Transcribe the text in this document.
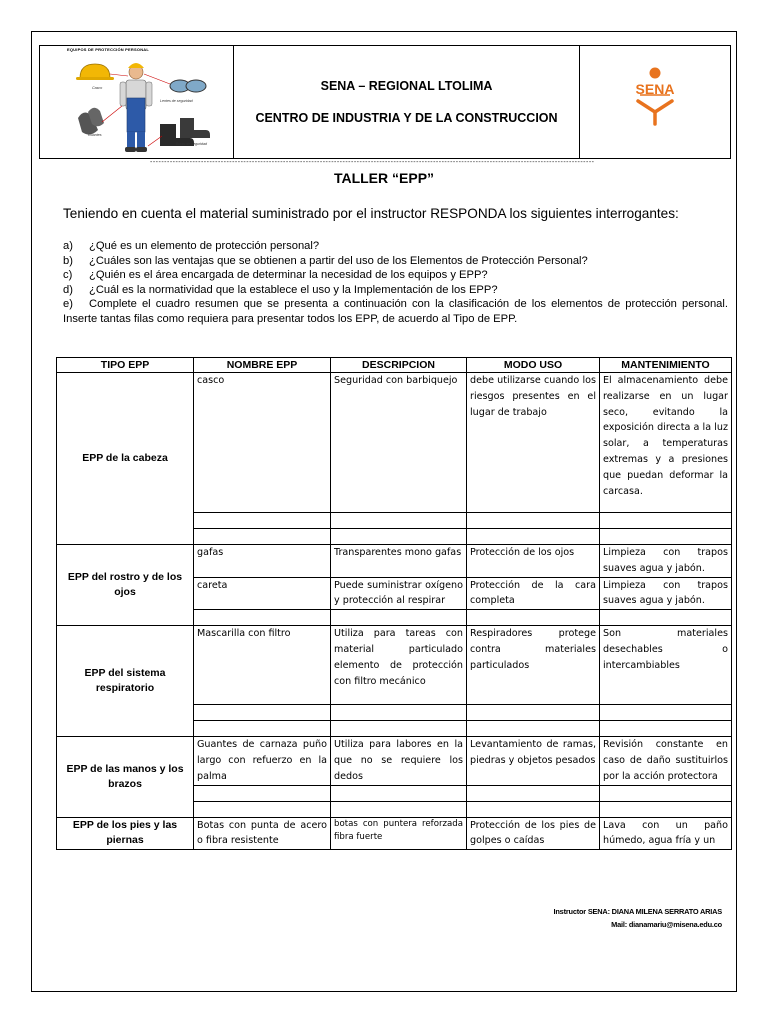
EQUIPOS DE PROTECCIÓN PERSONAL
Casco
Lentes de seguridad
Guantes
Botas de seguridad
SENA – REGIONAL LTOLIMA
CENTRO DE INDUSTRIA Y DE LA CONSTRUCCION
SENA
-------------------------------------------------------------------------------------------------------------------------------------------------------------
TALLER “EPP”
Teniendo en cuenta el material suministrado por el instructor RESPONDA los siguientes interrogantes:
a)	¿Qué es un elemento de protección personal?
b)	¿Cuáles son las ventajas que se obtienen a partir del uso de los Elementos de Protección Personal?
c)	¿Quién es el área encargada de determinar la necesidad de los equipos y EPP?
d)	¿Cuál es la normatividad que la establece el uso y la Implementación de los EPP?
e) Complete el cuadro resumen que se presenta a continuación con la clasificación de los elementos de protección personal. Inserte tantas filas como requiera para presentar todos los EPP, de acuerdo al Tipo de EPP.
TIPO EPP	NOMBRE EPP	DESCRIPCION	MODO USO	MANTENIMIENTO
EPP de la cabeza	casco	Seguridad con barbiquejo	debe utilizarse cuando los riesgos presentes en el lugar de trabajo	El almacenamiento debe realizarse en un lugar seco, evitando la exposición directa a la luz solar, a temperaturas extremas y a presiones que puedan deformar la carcasa.

EPP del rostro y de los ojos	gafas	Transparentes mono gafas	Protección de los ojos	Limpieza con trapos suaves agua y jabón.
	careta	Puede suministrar oxígeno y protección al respirar	Protección de la cara completa	Limpieza con trapos suaves agua y jabón.

EPP del sistema respiratorio	Mascarilla con filtro	Utiliza para tareas con material particulado elemento de protección con filtro mecánico	Respiradores protege contra materiales particulados	Son materiales desechables o intercambiables

EPP de las manos y los brazos	Guantes de carnaza puño largo con refuerzo en la palma	Utiliza para labores en la que no se requiere los dedos	Levantamiento de ramas, piedras y objetos pesados	Revisión constante en caso de daño sustituirlos por la acción protectora

EPP de los pies y las piernas	Botas con punta de acero o fibra resistente	botas con puntera reforzada fibra fuerte	Protección de los pies de golpes o caídas	Lava con un paño húmedo, agua fría y un
Instructor SENA: DIANA MILENA SERRATO ARIAS
Mail: dianamariu@misena.edu.co
